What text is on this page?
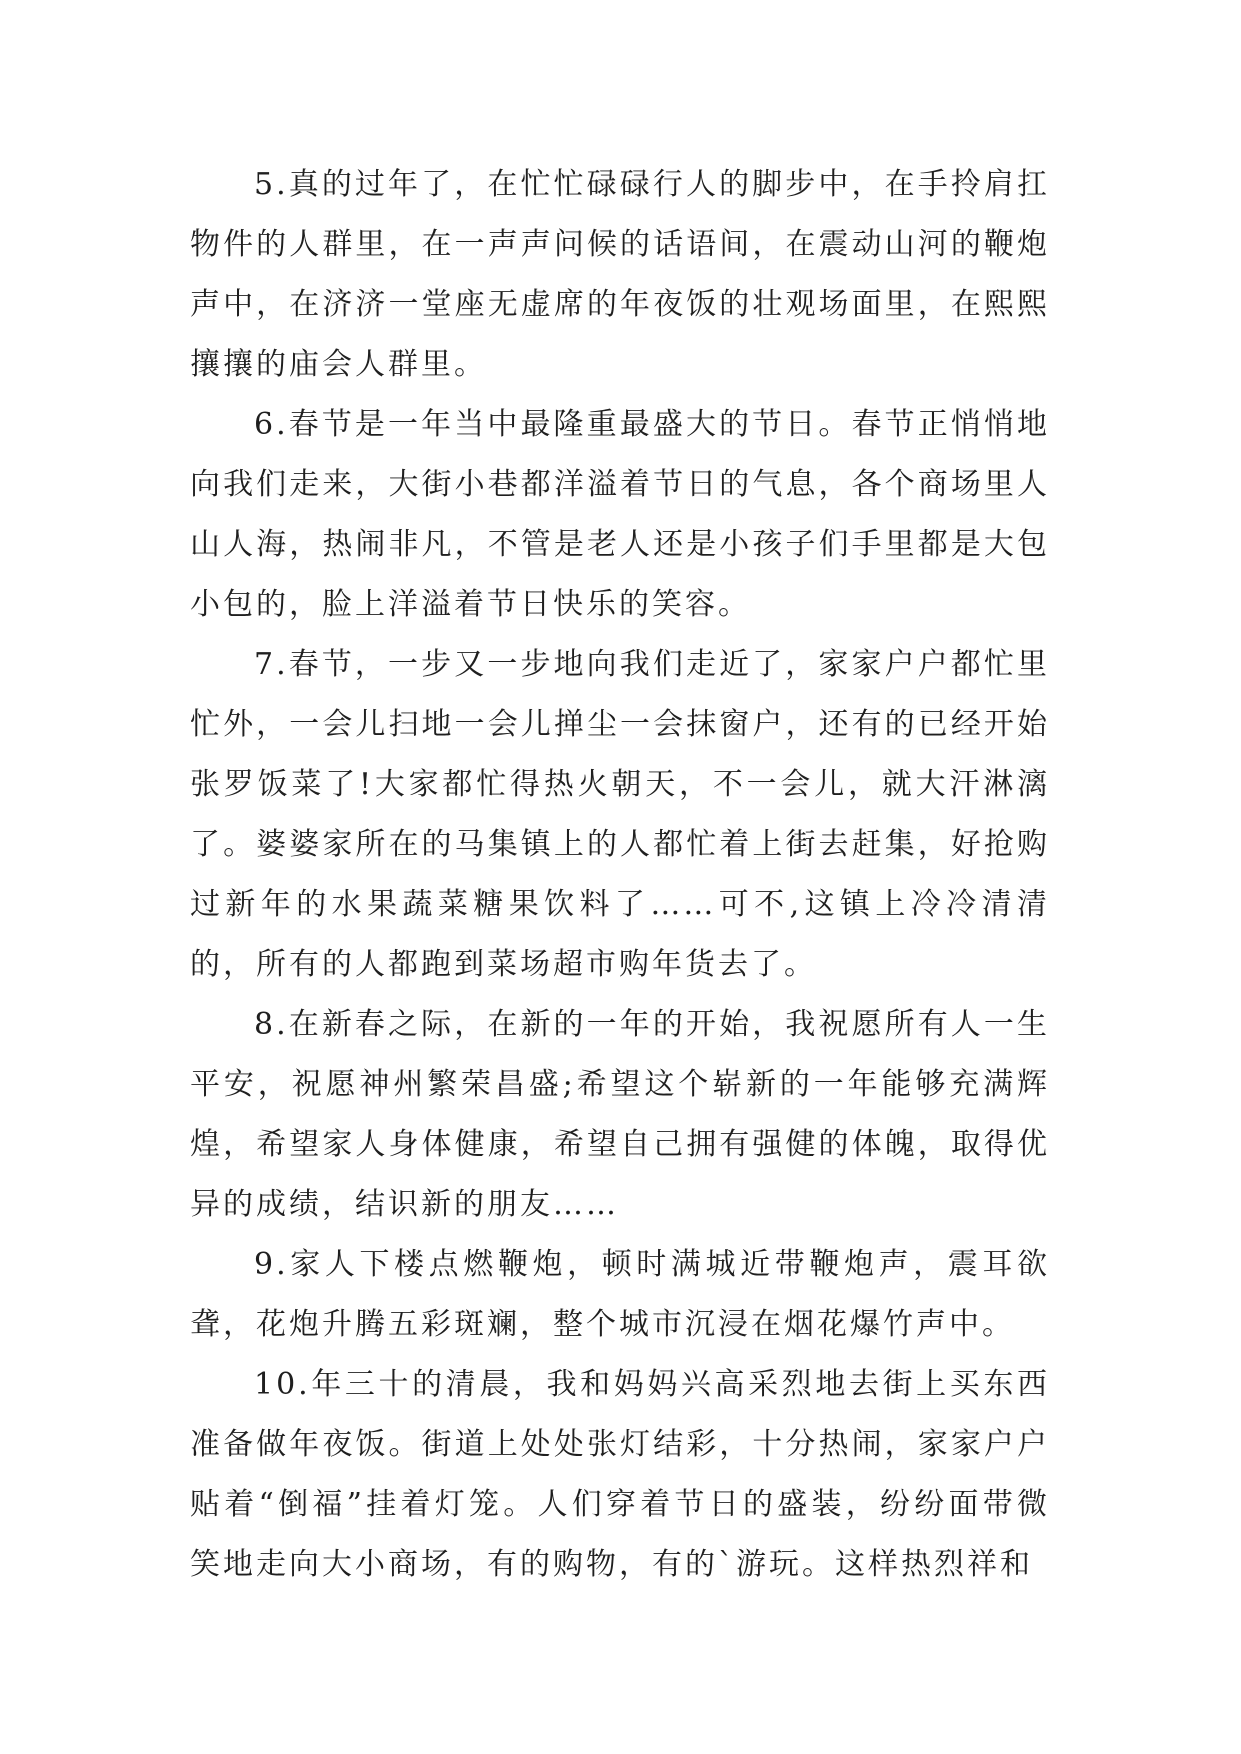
5.真的过年了，在忙忙碌碌行人的脚步中，在手拎肩扛物件的人群里，在一声声问候的话语间，在震动山河的鞭炮声中，在济济一堂座无虚席的年夜饭的壮观场面里，在熙熙攘攘的庙会人群里。

6.春节是一年当中最隆重最盛大的节日。春节正悄悄地向我们走来，大街小巷都洋溢着节日的气息，各个商场里人山人海，热闹非凡，不管是老人还是小孩子们手里都是大包小包的，脸上洋溢着节日快乐的笑容。

7.春节，一步又一步地向我们走近了，家家户户都忙里忙外，一会儿扫地一会儿掸尘一会抹窗户，还有的已经开始张罗饭菜了!大家都忙得热火朝天，不一会儿，就大汗淋漓了。婆婆家所在的马集镇上的人都忙着上街去赶集，好抢购过新年的水果蔬菜糖果饮料了……可不,这镇上冷冷清清的，所有的人都跑到菜场超市购年货去了。

8.在新春之际，在新的一年的开始，我祝愿所有人一生平安，祝愿神州繁荣昌盛;希望这个崭新的一年能够充满辉煌，希望家人身体健康，希望自己拥有强健的体魄，取得优异的成绩，结识新的朋友……

9.家人下楼点燃鞭炮，顿时满城近带鞭炮声，震耳欲聋，花炮升腾五彩斑斓，整个城市沉浸在烟花爆竹声中。

10.年三十的清晨，我和妈妈兴高采烈地去街上买东西准备做年夜饭。街道上处处张灯结彩，十分热闹，家家户户贴着“倒福”挂着灯笼。人们穿着节日的盛装，纷纷面带微笑地走向大小商场，有的购物，有的`游玩。这样热烈祥和
